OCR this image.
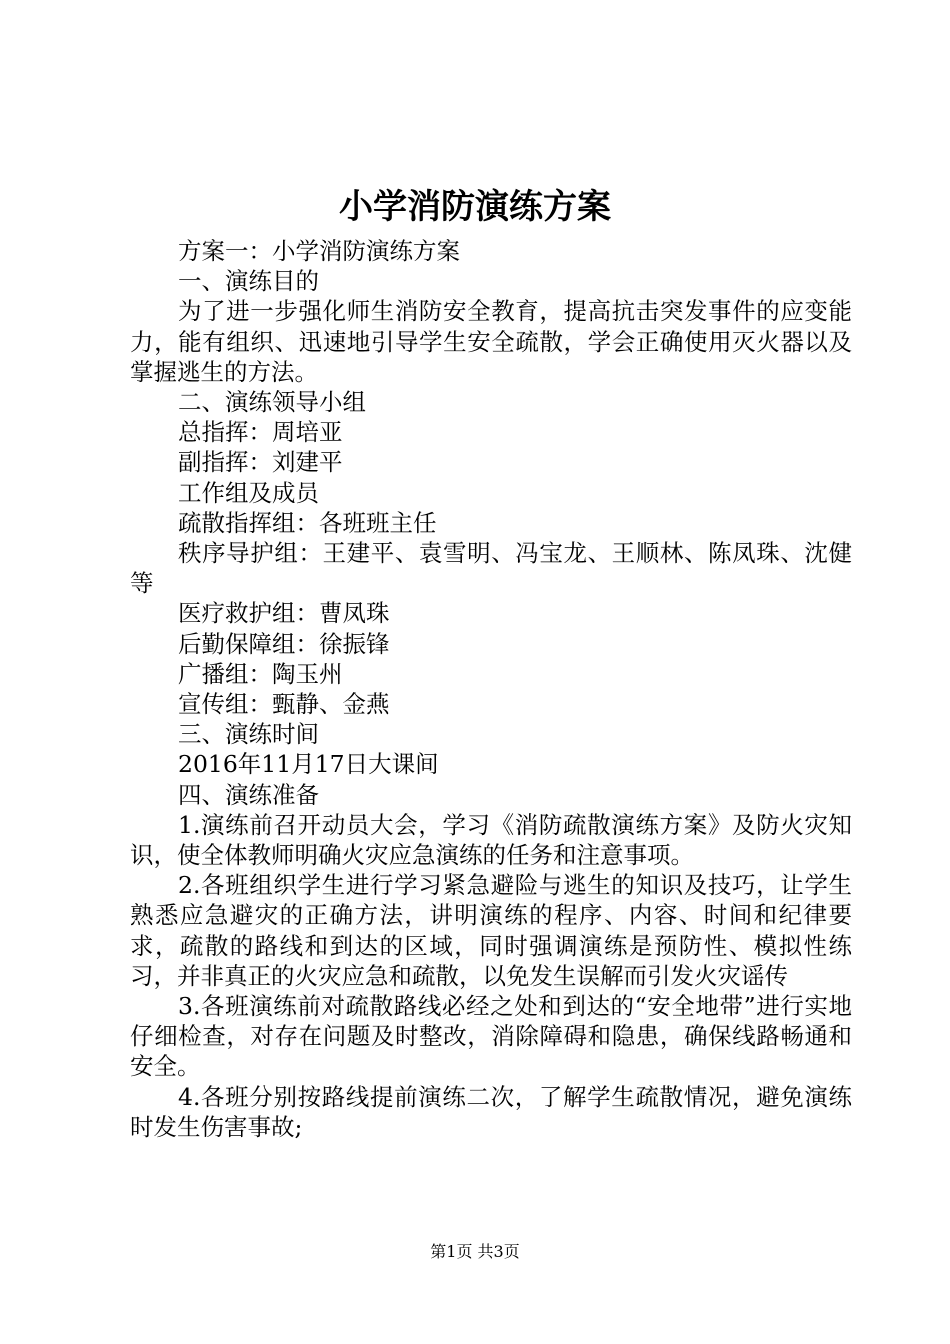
小学消防演练方案

方案一：小学消防演练方案

一、演练目的

为了进一步强化师生消防安全教育，提高抗击突发事件的应变能力，能有组织、迅速地引导学生安全疏散，学会正确使用灭火器以及掌握逃生的方法。

二、演练领导小组

总指挥：周培亚

副指挥：刘建平

工作组及成员

疏散指挥组：各班班主任

秩序导护组：王建平、袁雪明、冯宝龙、王顺林、陈凤珠、沈健等

医疗救护组：曹凤珠

后勤保障组：徐振锋

广播组：陶玉州

宣传组：甄静、金燕

三、演练时间

2016年11月17日大课间

四、演练准备

1.演练前召开动员大会，学习《消防疏散演练方案》及防火灾知识，使全体教师明确火灾应急演练的任务和注意事项。

2.各班组织学生进行学习紧急避险与逃生的知识及技巧，让学生熟悉应急避灾的正确方法，讲明演练的程序、内容、时间和纪律要求，疏散的路线和到达的区域，同时强调演练是预防性、模拟性练习，并非真正的火灾应急和疏散，以免发生误解而引发火灾谣传

3.各班演练前对疏散路线必经之处和到达的“安全地带”进行实地仔细检查，对存在问题及时整改，消除障碍和隐患，确保线路畅通和安全。

4.各班分别按路线提前演练二次，了解学生疏散情况，避免演练时发生伤害事故;

第1页 共3页
